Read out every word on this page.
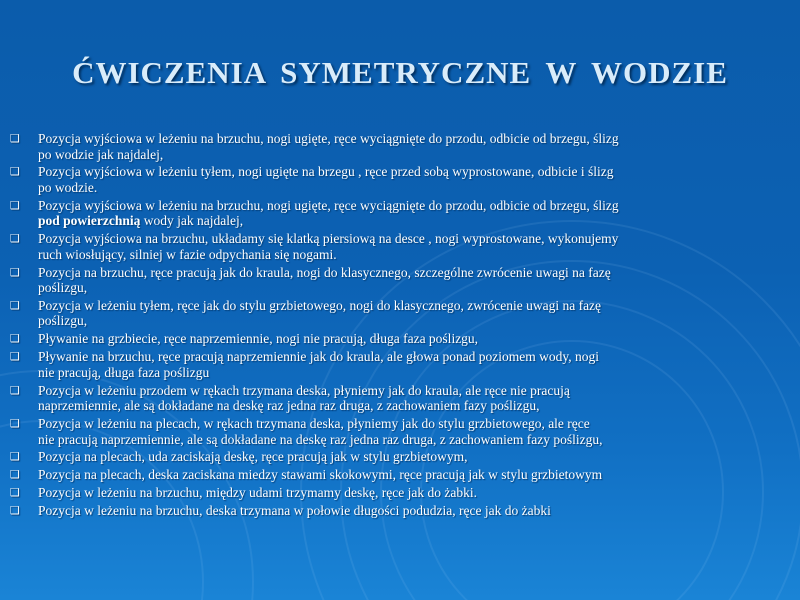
ĆWICZENIA SYMETRYCZNE W WODZIE
❑ Pozycja wyjściowa w leżeniu na brzuchu, nogi ugięte, ręce wyciągnięte do przodu, odbicie od brzegu, ślizg
po wodzie jak najdalej,
❑ Pozycja wyjściowa w leżeniu tyłem, nogi ugięte na brzegu , ręce przed sobą wyprostowane, odbicie i ślizg
po wodzie.
❑ Pozycja wyjściowa w leżeniu na brzuchu, nogi ugięte, ręce wyciągnięte do przodu, odbicie od brzegu, ślizg
pod powierzchnią wody jak najdalej,
❑ Pozycja wyjściowa na brzuchu, układamy się klatką piersiową na desce , nogi wyprostowane, wykonujemy
ruch wiosłujący, silniej w fazie odpychania się nogami.
❑ Pozycja na brzuchu, ręce pracują jak do kraula, nogi do klasycznego, szczególne zwrócenie uwagi na fazę
poślizgu,
❑ Pozycja w leżeniu tyłem, ręce jak do stylu grzbietowego, nogi do klasycznego, zwrócenie uwagi na fazę
poślizgu,
❑ Pływanie na grzbiecie, ręce naprzemiennie, nogi nie pracują, długa faza poślizgu,
❑ Pływanie na brzuchu, ręce pracują naprzemiennie jak do kraula, ale głowa ponad poziomem wody, nogi
nie pracują, długa faza poślizgu
❑ Pozycja w leżeniu przodem w rękach trzymana deska, płyniemy jak do kraula, ale ręce nie pracują
naprzemiennie, ale są dokładane na deskę raz jedna raz druga, z zachowaniem fazy poślizgu,
❑ Pozycja w leżeniu na plecach, w rękach trzymana deska, płyniemy jak do stylu grzbietowego, ale ręce
nie pracują naprzemiennie, ale są dokładane na deskę raz jedna raz druga, z zachowaniem fazy poślizgu,
❑ Pozycja na plecach, uda zaciskają deskę, ręce pracują jak w stylu grzbietowym,
❑ Pozycja na plecach, deska zaciskana miedzy stawami skokowymi, ręce pracują jak w stylu grzbietowym
❑ Pozycja w leżeniu na brzuchu, między udami trzymamy deskę, ręce jak do żabki.
❑ Pozycja w leżeniu na brzuchu, deska trzymana w połowie długości podudzia, ręce jak do żabki
